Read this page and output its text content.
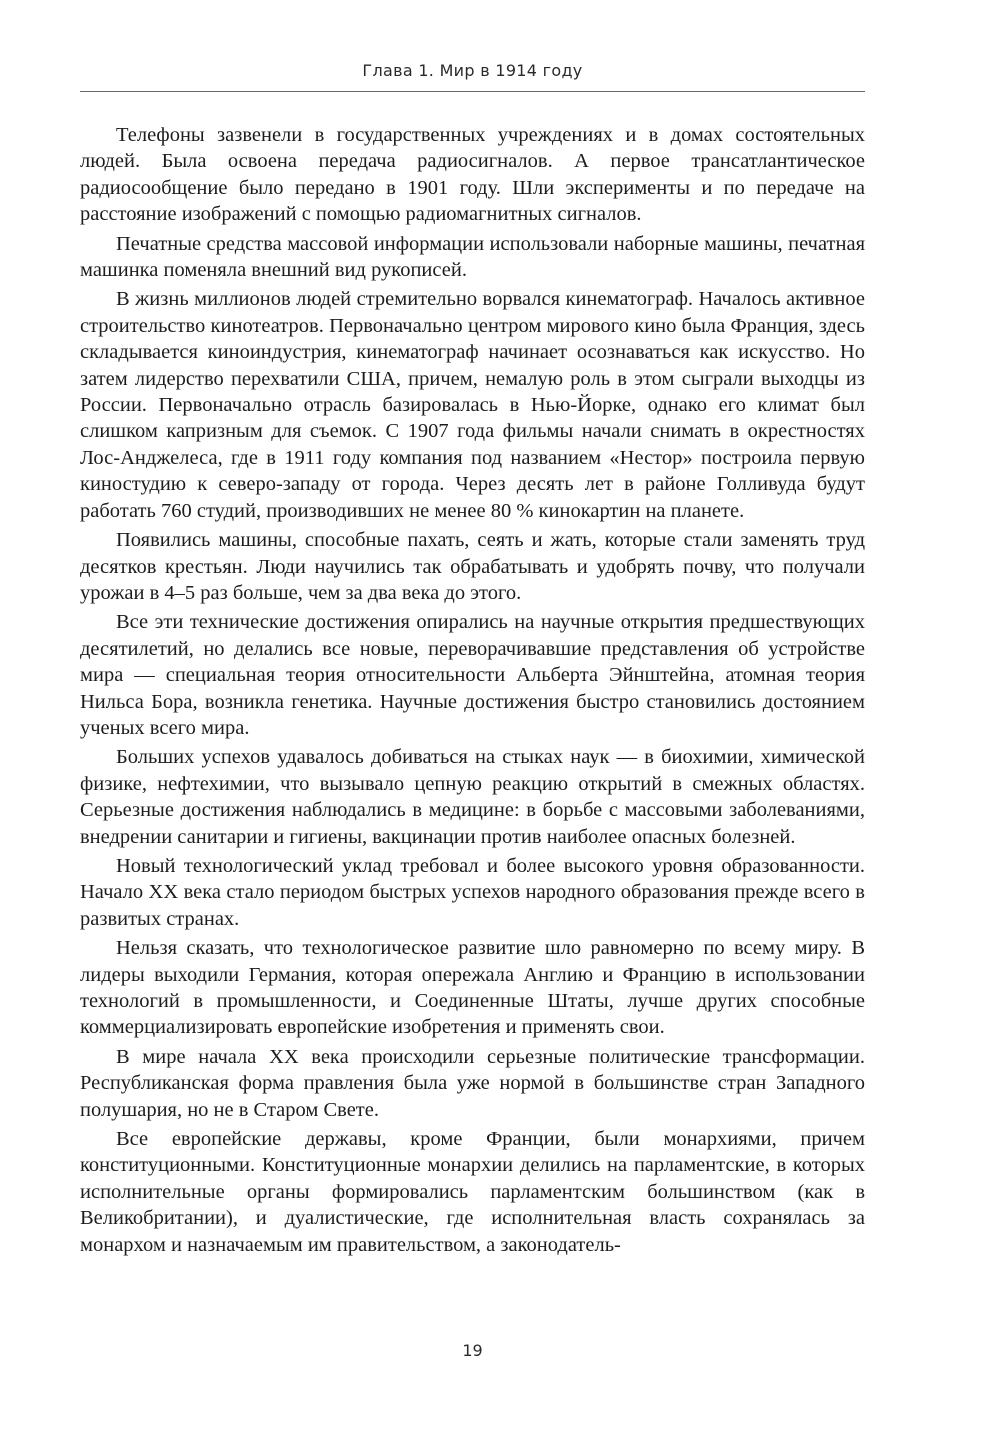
Глава 1. Мир в 1914 году

Телефоны зазвенели в государственных учреждениях и в домах состоятельных людей. Была освоена передача радиосигналов. А первое трансатлантическое радиосообщение было передано в 1901 году. Шли эксперименты и по передаче на расстояние изображений с помощью радиомагнитных сигналов.

Печатные средства массовой информации использовали наборные машины, печатная машинка поменяла внешний вид рукописей.

В жизнь миллионов людей стремительно ворвался кинематограф. Началось активное строительство кинотеатров. Первоначально центром мирового кино была Франция, здесь складывается киноиндустрия, кинематограф начинает осознаваться как искусство. Но затем лидерство перехватили США, причем, немалую роль в этом сыграли выходцы из России. Первоначально отрасль базировалась в Нью-Йорке, однако его климат был слишком капризным для съемок. С 1907 года фильмы начали снимать в окрестностях Лос-Анджелеса, где в 1911 году компания под названием «Нестор» построила первую киностудию к северо-западу от города. Через десять лет в районе Голливуда будут работать 760 студий, производивших не менее 80 % кинокартин на планете.

Появились машины, способные пахать, сеять и жать, которые стали заменять труд десятков крестьян. Люди научились так обрабатывать и удобрять почву, что получали урожаи в 4–5 раз больше, чем за два века до этого.

Все эти технические достижения опирались на научные открытия предшествующих десятилетий, но делались все новые, переворачивавшие представления об устройстве мира — специальная теория относительности Альберта Эйнштейна, атомная теория Нильса Бора, возникла генетика. Научные достижения быстро становились достоянием ученых всего мира.

Больших успехов удавалось добиваться на стыках наук — в биохимии, химической физике, нефтехимии, что вызывало цепную реакцию открытий в смежных областях. Серьезные достижения наблюдались в медицине: в борьбе с массовыми заболеваниями, внедрении санитарии и гигиены, вакцинации против наиболее опасных болезней.

Новый технологический уклад требовал и более высокого уровня образованности. Начало XX века стало периодом быстрых успехов народного образования прежде всего в развитых странах.

Нельзя сказать, что технологическое развитие шло равномерно по всему миру. В лидеры выходили Германия, которая опережала Англию и Францию в использовании технологий в промышленности, и Соединенные Штаты, лучше других способные коммерциализировать европейские изобретения и применять свои.

В мире начала XX века происходили серьезные политические трансформации. Республиканская форма правления была уже нормой в большинстве стран Западного полушария, но не в Старом Свете.

Все европейские державы, кроме Франции, были монархиями, причем конституционными. Конституционные монархии делились на парламентские, в которых исполнительные органы формировались парламентским большинством (как в Великобритании), и дуалистические, где исполнительная власть сохранялась за монархом и назначаемым им правительством, а законодатель-

19
